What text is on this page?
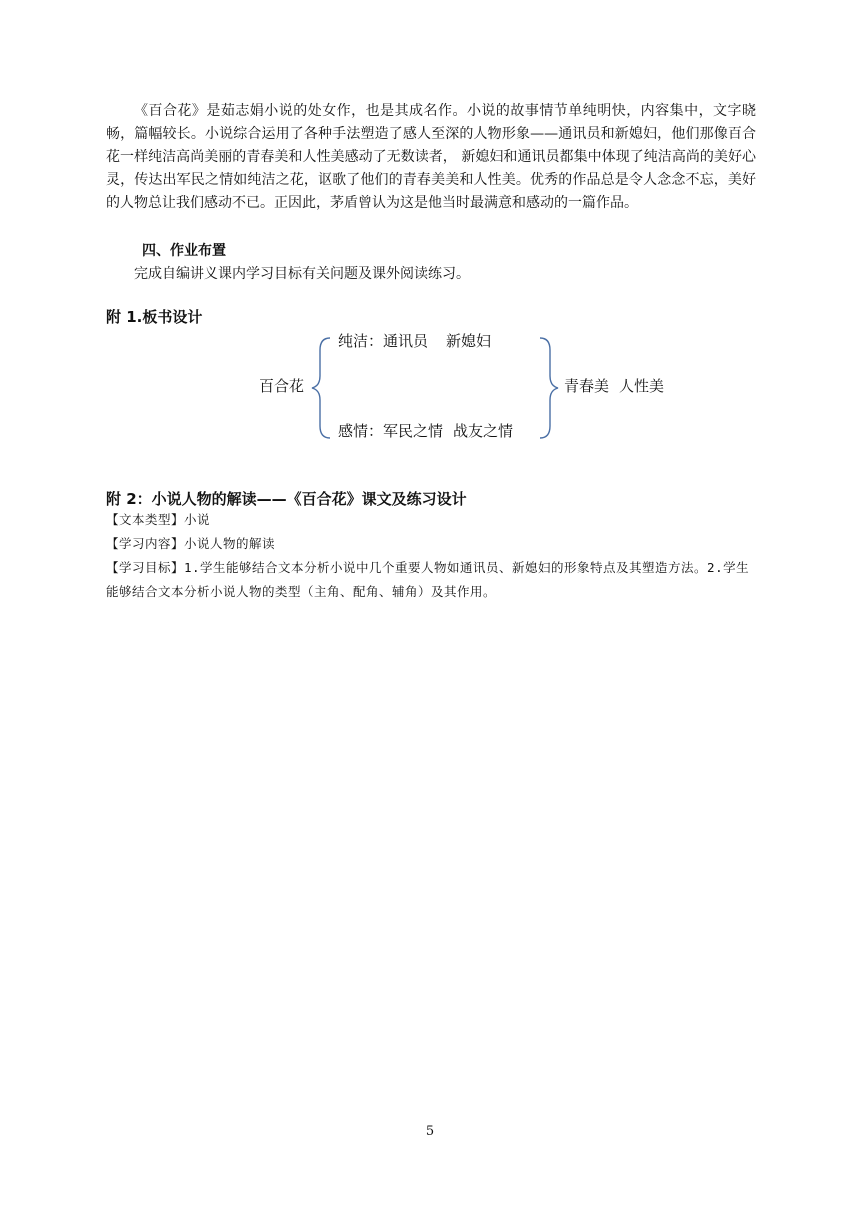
《百合花》是茹志娟小说的处女作，也是其成名作。小说的故事情节单纯明快，内容集中，文字晓畅，篇幅较长。小说综合运用了各种手法塑造了感人至深的人物形象——通讯员和新媳妇，他们那像百合花一样纯洁高尚美丽的青春美和人性美感动了无数读者， 新媳妇和通讯员都集中体现了纯洁高尚的美好心灵，传达出军民之情如纯洁之花，讴歌了他们的青春美美和人性美。优秀的作品总是令人念念不忘，美好的人物总让我们感动不已。正因此，茅盾曾认为这是他当时最满意和感动的一篇作品。

四、作业布置

完成自编讲义课内学习目标有关问题及课外阅读练习。

附 1.板书设计

百合花
纯洁：通讯员 新媳妇
感情：军民之情 战友之情
青春美 人性美

附 2：小说人物的解读——《百合花》课文及练习设计

【文本类型】小说

【学习内容】小说人物的解读

【学习目标】1.学生能够结合文本分析小说中几个重要人物如通讯员、新媳妇的形象特点及其塑造方法。2.学生能够结合文本分析小说人物的类型（主角、配角、辅角）及其作用。

5
